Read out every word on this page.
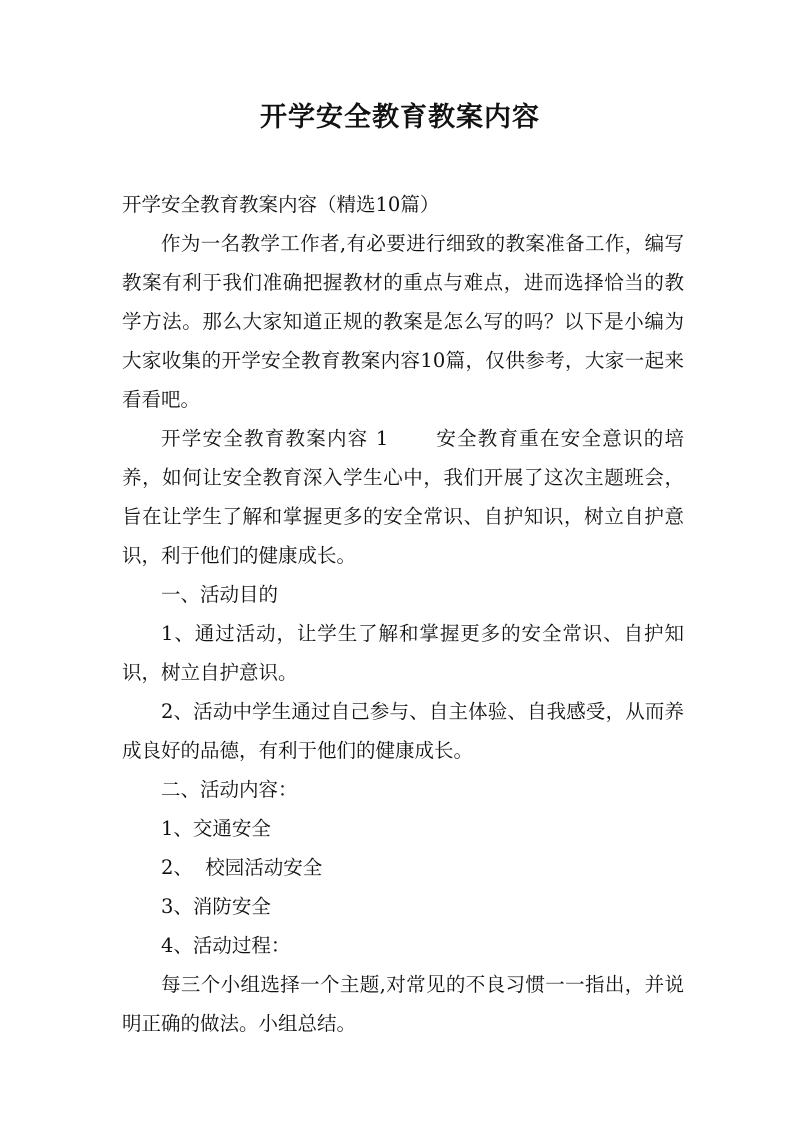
开学安全教育教案内容

开学安全教育教案内容（精选10篇）

作为一名教学工作者,有必要进行细致的教案准备工作，编写教案有利于我们准确把握教材的重点与难点，进而选择恰当的教学方法。那么大家知道正规的教案是怎么写的吗？以下是小编为大家收集的开学安全教育教案内容10篇，仅供参考，大家一起来看看吧。

开学安全教育教案内容 1 安全教育重在安全意识的培养，如何让安全教育深入学生心中，我们开展了这次主题班会，旨在让学生了解和掌握更多的安全常识、自护知识，树立自护意识，利于他们的健康成长。

一、活动目的

1、通过活动，让学生了解和掌握更多的安全常识、自护知识，树立自护意识。

2、活动中学生通过自己参与、自主体验、自我感受，从而养成良好的品德，有利于他们的健康成长。

二、活动内容：

1、交通安全

2、  校园活动安全

3、消防安全

4、活动过程：

每三个小组选择一个主题,对常见的不良习惯一一指出，并说明正确的做法。小组总结。
